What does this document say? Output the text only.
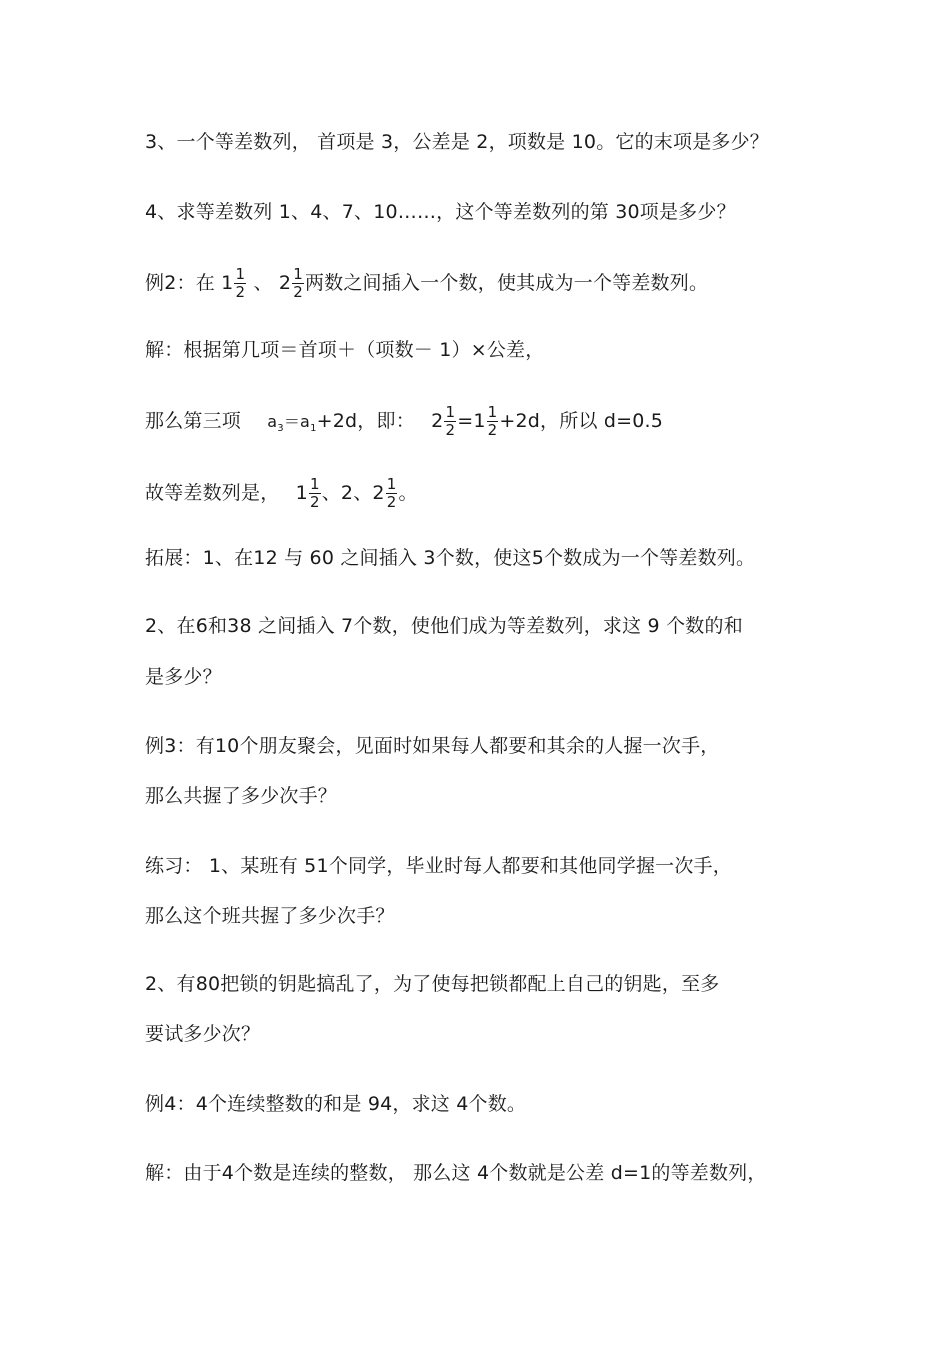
3、一个等差数列， 首项是 3，公差是 2，项数是 10。它的末项是多少？
4、求等差数列 1、4、7、10……，这个等差数列的第 30项是多少？
例2：在 $1 \frac{1}{2}$ 、 $2 \frac{1}{2}$ 两数之间插入一个数，使其成为一个等差数列。
解：根据第几项＝首项＋（项数－ 1）×公差，
那么第三项 $a_3=a_1+2d$，即： $2 \frac{1}{2} =1 \frac{1}{2} +2d$，所以 d=0.5
故等差数列是， $1 \frac{1}{2}$ 、2、$2 \frac{1}{2}$ 。
拓展：1、在12 与 60 之间插入 3个数，使这5个数成为一个等差数列。
2、在6和38 之间插入 7个数，使他们成为等差数列，求这 9 个数的和
是多少？
例3：有10个朋友聚会，见面时如果每人都要和其余的人握一次手，
那么共握了多少次手？
练习： 1、某班有 51个同学，毕业时每人都要和其他同学握一次手，
那么这个班共握了多少次手？
2、有80把锁的钥匙搞乱了，为了使每把锁都配上自己的钥匙，至多
要试多少次？
例4：4个连续整数的和是 94，求这 4个数。
解：由于4个数是连续的整数， 那么这 4个数就是公差 d=1的等差数列，
